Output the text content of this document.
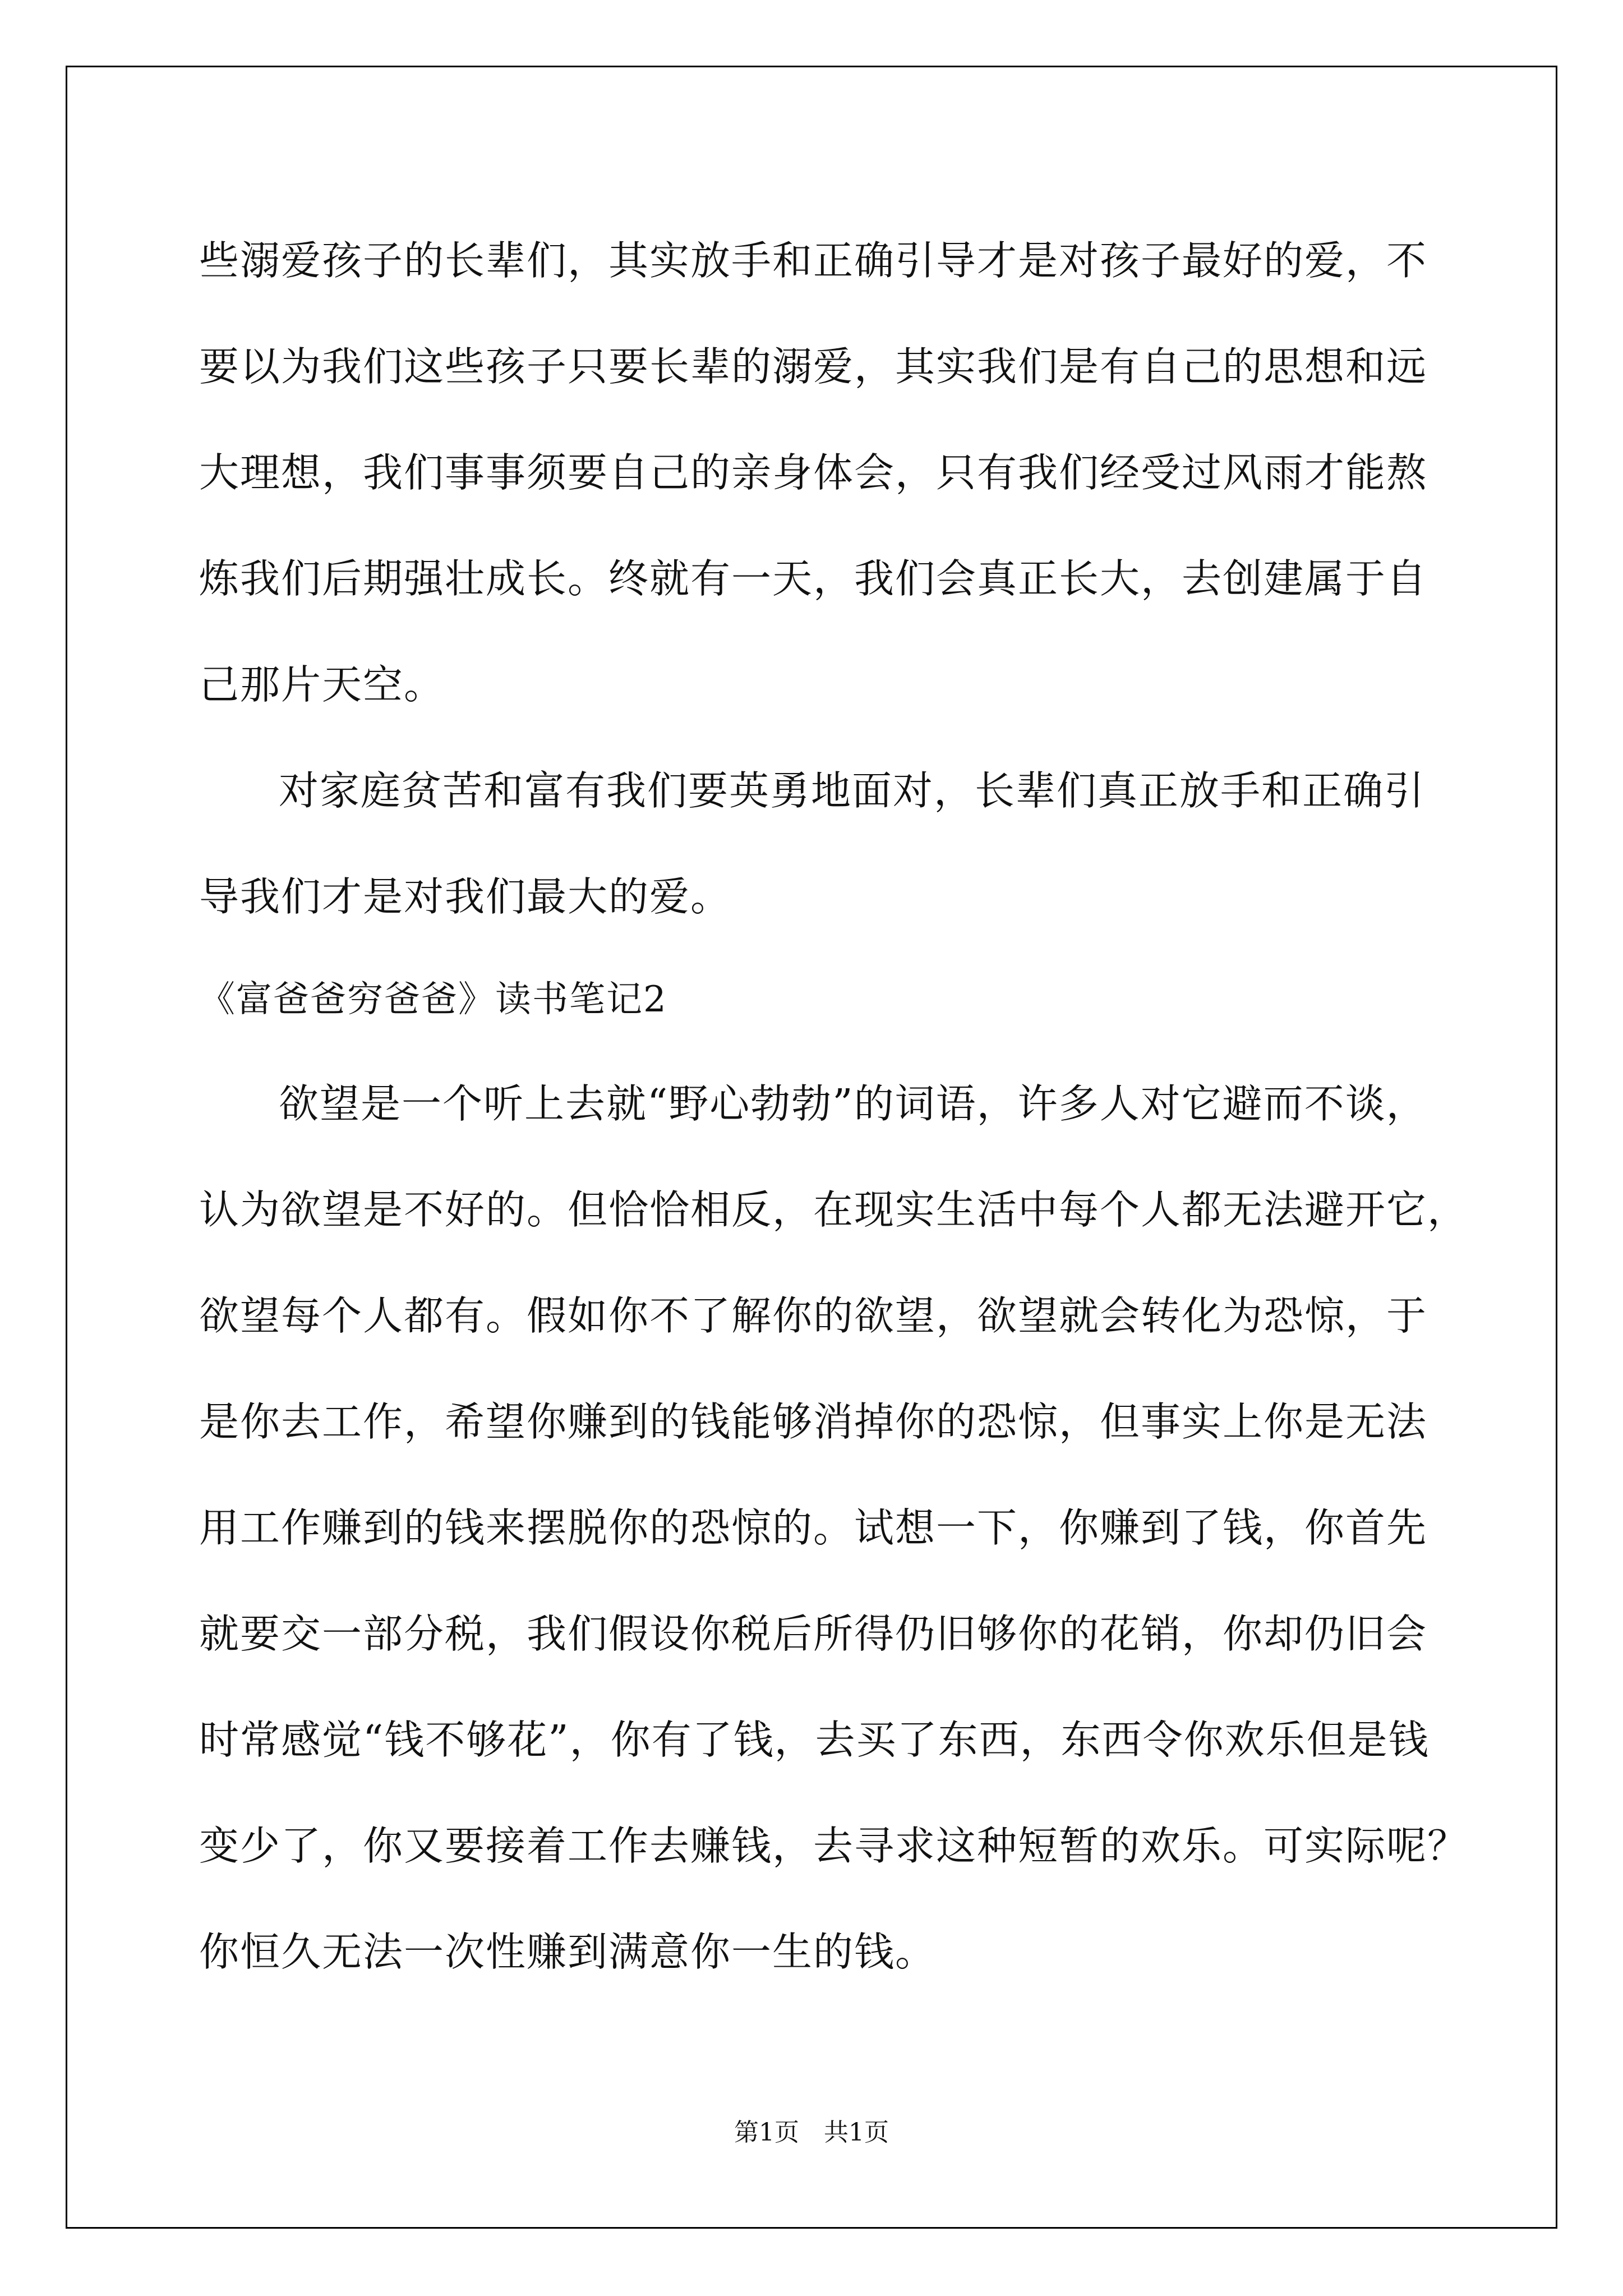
些溺爱孩子的长辈们，其实放手和正确引导才是对孩子最好的爱，不
要以为我们这些孩子只要长辈的溺爱，其实我们是有自己的思想和远
大理想，我们事事须要自己的亲身体会，只有我们经受过风雨才能熬
炼我们后期强壮成长。终就有一天，我们会真正长大，去创建属于自
己那片天空。
对家庭贫苦和富有我们要英勇地面对，长辈们真正放手和正确引
导我们才是对我们最大的爱。
《富爸爸穷爸爸》读书笔记2
欲望是一个听上去就“野心勃勃”的词语，许多人对它避而不谈，
认为欲望是不好的。但恰恰相反，在现实生活中每个人都无法避开它，
欲望每个人都有。假如你不了解你的欲望，欲望就会转化为恐惊，于
是你去工作，希望你赚到的钱能够消掉你的恐惊，但事实上你是无法
用工作赚到的钱来摆脱你的恐惊的。试想一下，你赚到了钱，你首先
就要交一部分税，我们假设你税后所得仍旧够你的花销，你却仍旧会
时常感觉“钱不够花”，你有了钱，去买了东西，东西令你欢乐但是钱
变少了，你又要接着工作去赚钱，去寻求这种短暂的欢乐。可实际呢？
你恒久无法一次性赚到满意你一生的钱。
第1页　共1页
